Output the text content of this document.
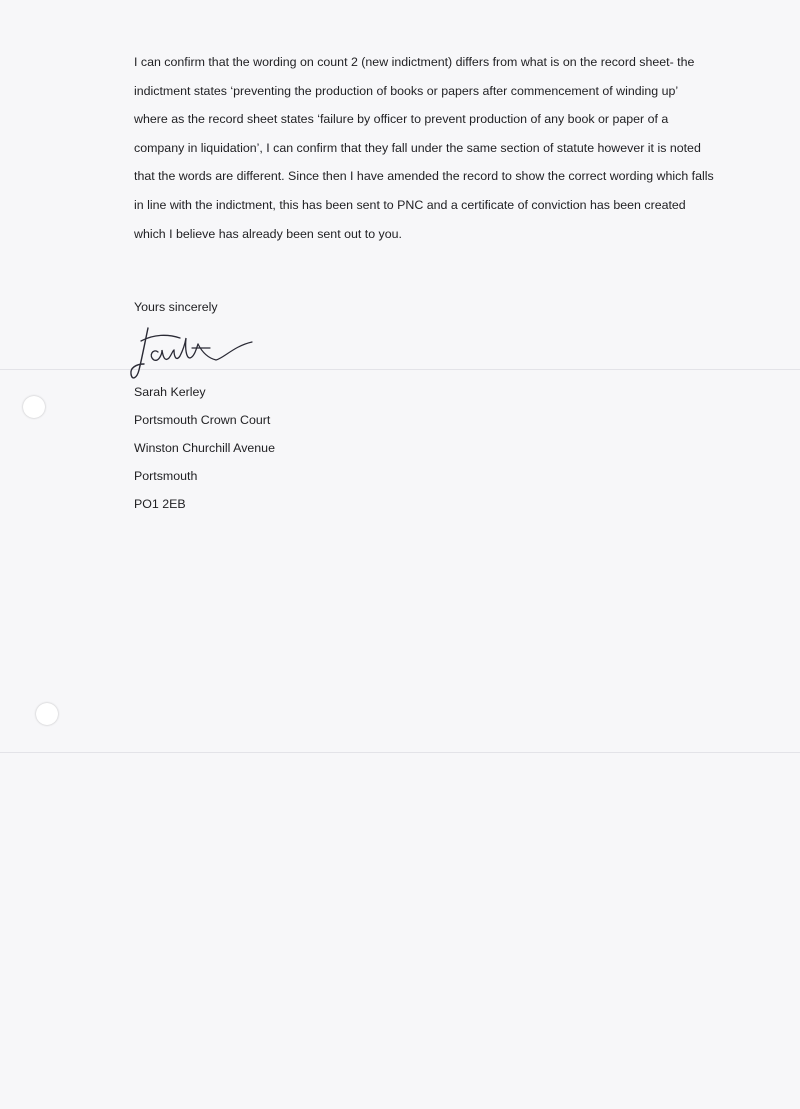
I can confirm that the wording on count 2 (new indictment) differs from what is on the record sheet- the indictment states ‘preventing the production of books or papers after commencement of winding up’ where as the record sheet states ‘failure by officer to prevent production of any book or paper of a company in liquidation’, I can confirm that they fall under the same section of statute however it is noted that the words are different. Since then I have amended the record to show the correct wording which falls in line with the indictment, this has been sent to PNC and a certificate of conviction has been created which I believe has already been sent out to you.

Yours sincerely

Sarah Kerley
Portsmouth Crown Court
Winston Churchill Avenue
Portsmouth
PO1 2EB
